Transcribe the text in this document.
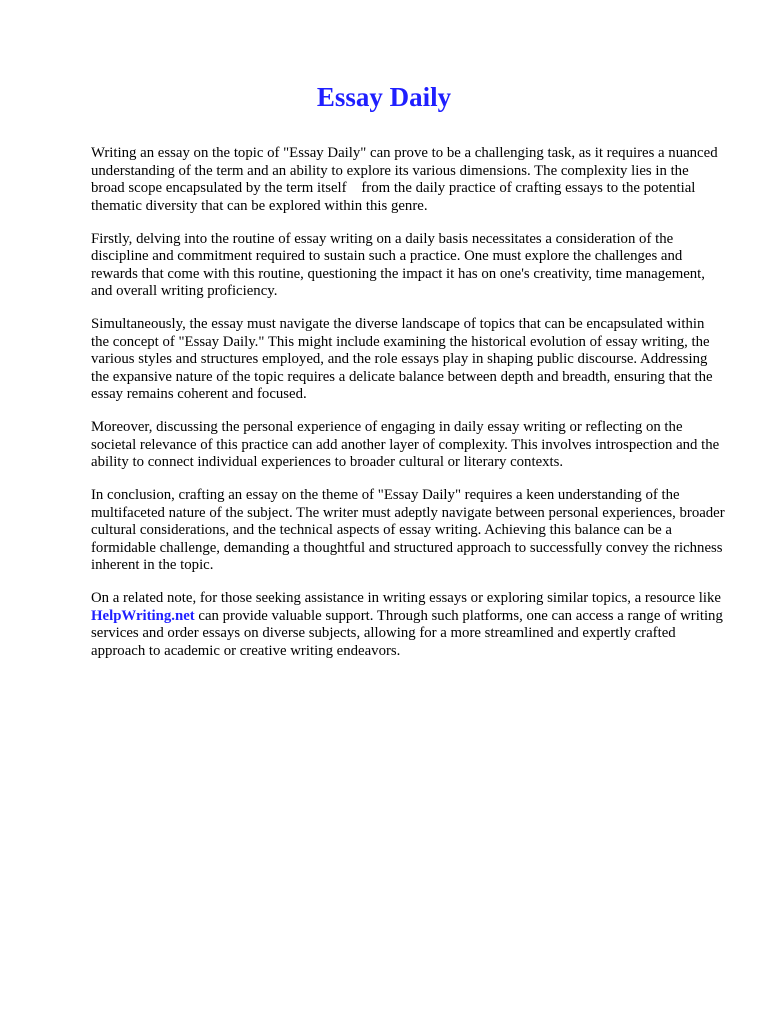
Essay Daily

Writing an essay on the topic of "Essay Daily" can prove to be a challenging task, as it requires a nuanced understanding of the term and an ability to explore its various dimensions. The complexity lies in the broad scope encapsulated by the term itself    from the daily practice of crafting essays to the potential thematic diversity that can be explored within this genre.

Firstly, delving into the routine of essay writing on a daily basis necessitates a consideration of the discipline and commitment required to sustain such a practice. One must explore the challenges and rewards that come with this routine, questioning the impact it has on one's creativity, time management, and overall writing proficiency.

Simultaneously, the essay must navigate the diverse landscape of topics that can be encapsulated within the concept of "Essay Daily." This might include examining the historical evolution of essay writing, the various styles and structures employed, and the role essays play in shaping public discourse. Addressing the expansive nature of the topic requires a delicate balance between depth and breadth, ensuring that the essay remains coherent and focused.

Moreover, discussing the personal experience of engaging in daily essay writing or reflecting on the societal relevance of this practice can add another layer of complexity. This involves introspection and the ability to connect individual experiences to broader cultural or literary contexts.

In conclusion, crafting an essay on the theme of "Essay Daily" requires a keen understanding of the multifaceted nature of the subject. The writer must adeptly navigate between personal experiences, broader cultural considerations, and the technical aspects of essay writing. Achieving this balance can be a formidable challenge, demanding a thoughtful and structured approach to successfully convey the richness inherent in the topic.

On a related note, for those seeking assistance in writing essays or exploring similar topics, a resource like HelpWriting.net can provide valuable support. Through such platforms, one can access a range of writing services and order essays on diverse subjects, allowing for a more streamlined and expertly crafted approach to academic or creative writing endeavors.
